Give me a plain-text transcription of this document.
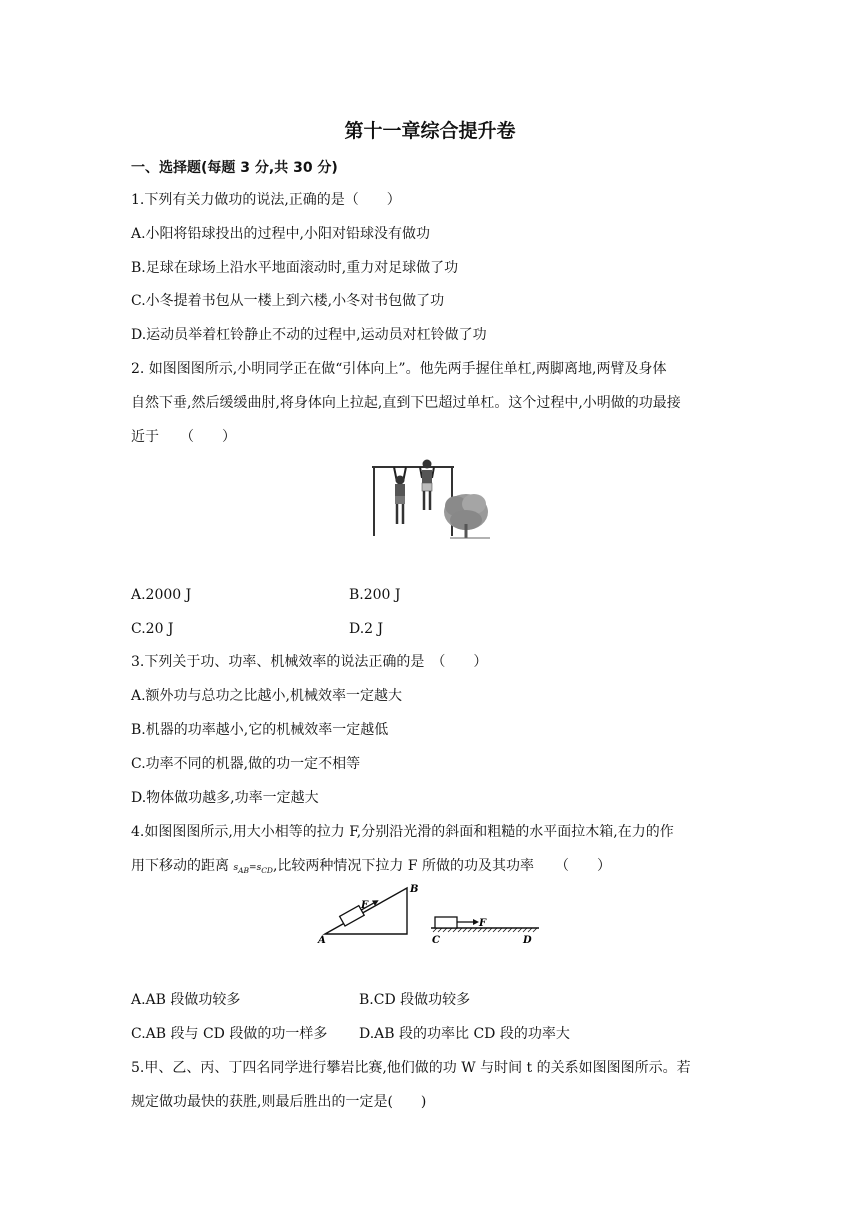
第十一章综合提升卷
一、选择题(每题 3 分,共 30 分)
1.下列有关力做功的说法,正确的是（　　）
A.小阳将铅球投出的过程中,小阳对铅球没有做功
B.足球在球场上沿水平地面滚动时,重力对足球做了功
C.小冬提着书包从一楼上到六楼,小冬对书包做了功
D.运动员举着杠铃静止不动的过程中,运动员对杠铃做了功
2. 如图图图所示,小明同学正在做“引体向上”。他先两手握住单杠,两脚离地,两臂及身体
自然下垂,然后缓缓曲肘,将身体向上拉起,直到下巴超过单杠。这个过程中,小明做的功最接
近于　　（　　）
A.2000 J	B.200 J
C.20 J	D.2 J
3.下列关于功、功率、机械效率的说法正确的是　（　　）
A.额外功与总功之比越小,机械效率一定越大
B.机器的功率越小,它的机械效率一定越低
C.功率不同的机器,做的功一定不相等
D.物体做功越多,功率一定越大
4.如图图图所示,用大小相等的拉力 F,分别沿光滑的斜面和粗糙的水平面拉木箱,在力的作
用下移动的距离 $s_{AB}=s_{CD}$,比较两种情况下拉力 F 所做的功及其功率　　（　　）
F
A
B
F
C	D
A.AB 段做功较多	B.CD 段做功较多
C.AB 段与 CD 段做的功一样多 D.AB 段的功率比 CD 段的功率大
5.甲、乙、丙、丁四名同学进行攀岩比赛,他们做的功 W 与时间 t 的关系如图图图所示。若
规定做功最快的获胜,则最后胜出的一定是(　　)
